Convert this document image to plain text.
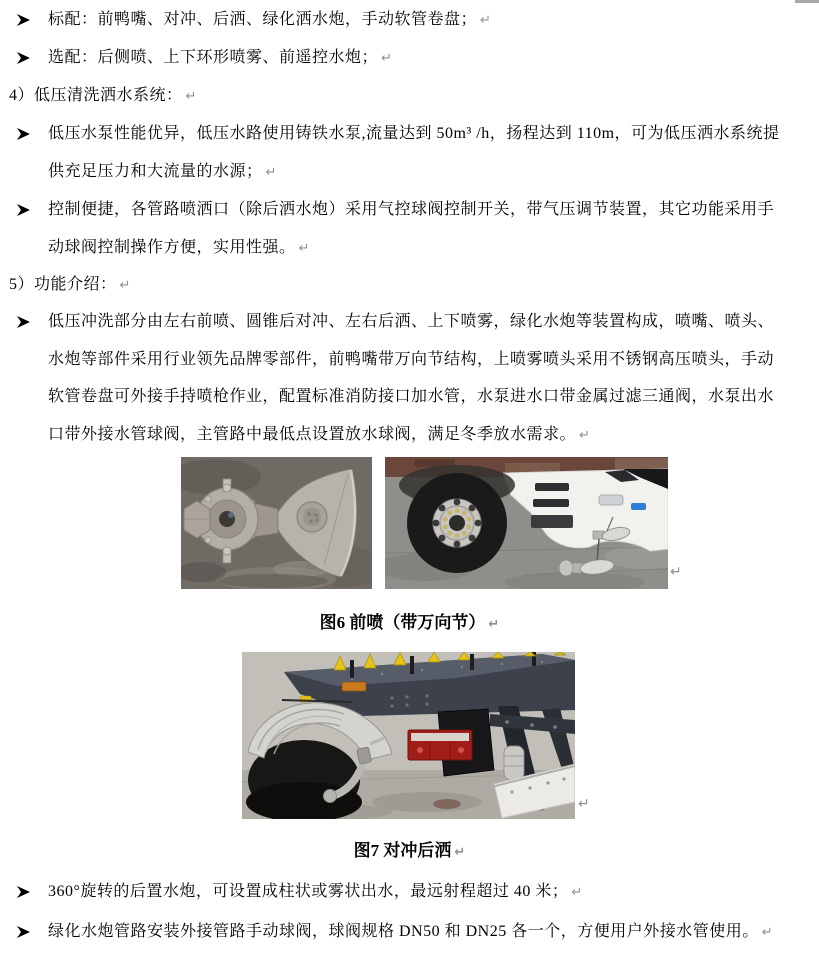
标配：前鸭嘴、对冲、后洒、绿化洒水炮，手动软管卷盘； ↵
选配：后侧喷、上下环形喷雾、前遥控水炮； ↵
4）低压清洗洒水系统： ↵
低压水泵性能优异，低压水路使用铸铁水泵,流量达到 50m³ /h，扬程达到 110m，可为低压洒水系统提
供充足压力和大流量的水源； ↵
控制便捷，各管路喷洒口（除后洒水炮）采用气控球阀控制开关，带气压调节装置，其它功能采用手
动球阀控制操作方便，实用性强。 ↵
5）功能介绍： ↵
低压冲洗部分由左右前喷、圆锥后对冲、左右后洒、上下喷雾，绿化水炮等装置构成，喷嘴、喷头、
水炮等部件采用行业领先品牌零部件，前鸭嘴带万向节结构，上喷雾喷头采用不锈钢高压喷头，手动
软管卷盘可外接手持喷枪作业，配置标准消防接口加水管，水泵进水口带金属过滤三通阀，水泵出水
口带外接水管球阀，主管路中最低点设置放水球阀，满足冬季放水需求。 ↵
↵
图6 前喷（带万向节） ↵
↵
图7 对冲后洒 ↵
360°旋转的后置水炮，可设置成柱状或雾状出水，最远射程超过 40 米； ↵
绿化水炮管路安装外接管路手动球阀，球阀规格 DN50 和 DN25 各一个，方便用户外接水管使用。 ↵
